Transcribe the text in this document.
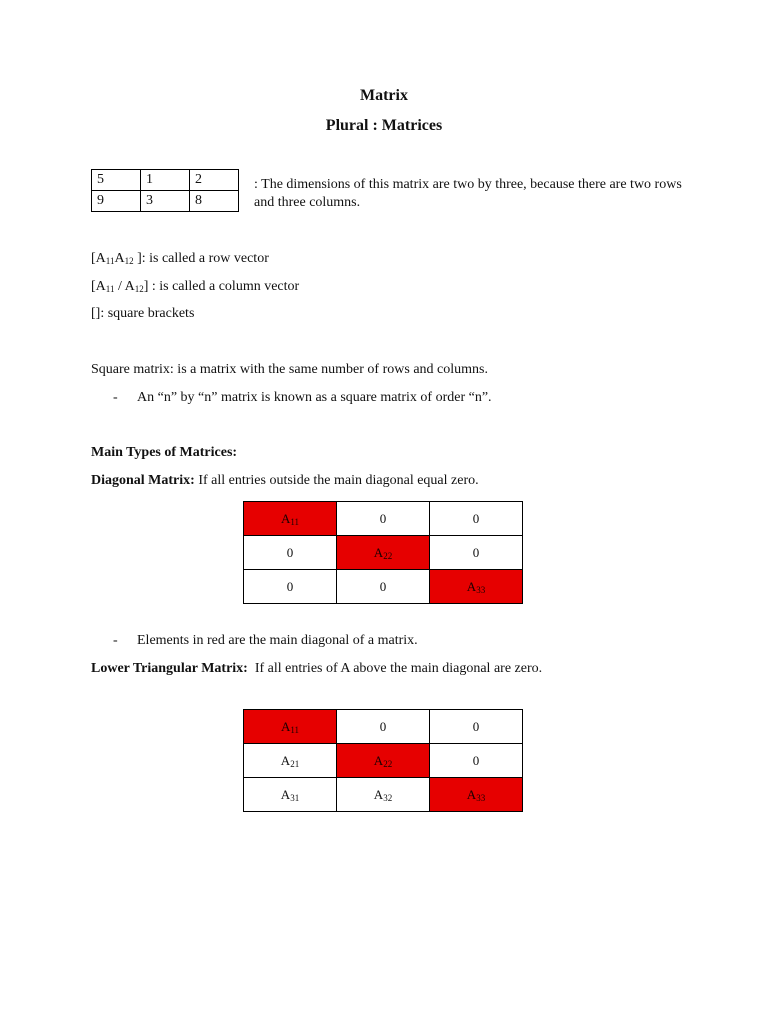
Matrix
Plural : Matrices
5	1	2
9	3	8
: The dimensions of this matrix are two by three, because there are two rows and three columns.
[$A_{11}A_{12}$ ]: is called a row vector
$[A_{11} / A_{12}]$ : is called a column vector
[]: square brackets
Square matrix: is a matrix with the same number of rows and columns.
- An “n” by “n” matrix is known as a square matrix of order “n”.
Main Types of Matrices:
Diagonal Matrix: If all entries outside the main diagonal equal zero.
$A_{11}$	0	0
0	$A_{22}$	0
0	0	$A_{33}$
- Elements in red are the main diagonal of a matrix.
Lower Triangular Matrix:  If all entries of A above the main diagonal are zero.
$A_{11}$	0	0
$A_{21}$	$A_{22}$	0
$A_{31}$	$A_{32}$	$A_{33}$
